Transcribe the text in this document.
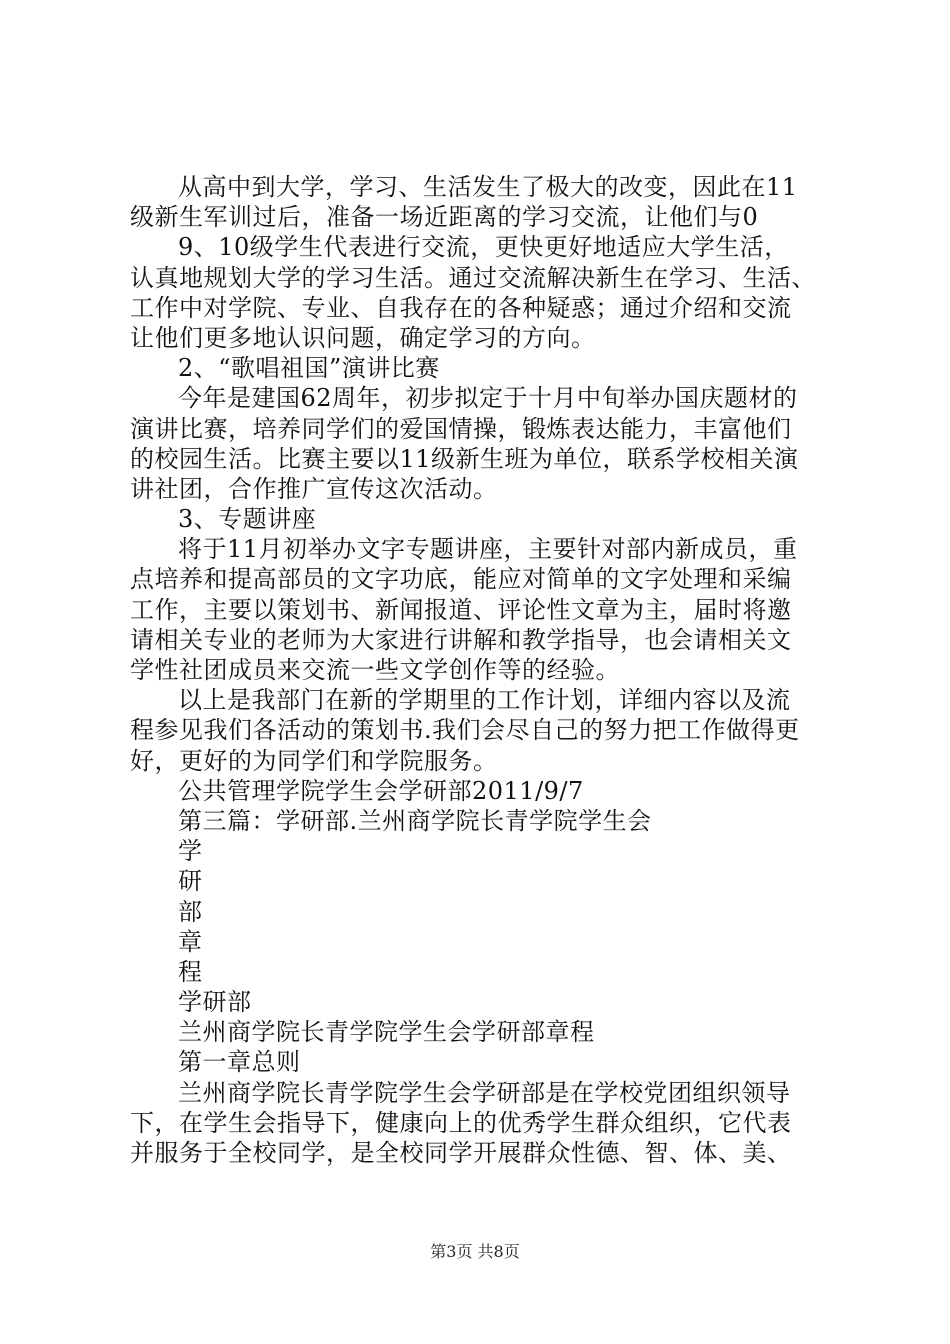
从高中到大学，学习、生活发生了极大的改变，因此在11
级新生军训过后，准备一场近距离的学习交流，让他们与0
9、10级学生代表进行交流，更快更好地适应大学生活，
认真地规划大学的学习生活。通过交流解决新生在学习、生活、
工作中对学院、专业、自我存在的各种疑惑；通过介绍和交流
让他们更多地认识问题，确定学习的方向。
2、“歌唱祖国”演讲比赛
今年是建国62周年，初步拟定于十月中旬举办国庆题材的
演讲比赛，培养同学们的爱国情操，锻炼表达能力，丰富他们
的校园生活。比赛主要以11级新生班为单位，联系学校相关演
讲社团，合作推广宣传这次活动。
3、专题讲座
将于11月初举办文字专题讲座，主要针对部内新成员，重
点培养和提高部员的文字功底，能应对简单的文字处理和采编
工作，主要以策划书、新闻报道、评论性文章为主，届时将邀
请相关专业的老师为大家进行讲解和教学指导，也会请相关文
学性社团成员来交流一些文学创作等的经验。
以上是我部门在新的学期里的工作计划，详细内容以及流
程参见我们各活动的策划书.我们会尽自己的努力把工作做得更
好，更好的为同学们和学院服务。
公共管理学院学生会学研部2011/9/7
第三篇：学研部.兰州商学院长青学院学生会
学
研
部
章
程
学研部
兰州商学院长青学院学生会学研部章程
第一章总则
兰州商学院长青学院学生会学研部是在学校党团组织领导
下，在学生会指导下，健康向上的优秀学生群众组织，它代表
并服务于全校同学，是全校同学开展群众性德、智、体、美、
第3页 共8页
